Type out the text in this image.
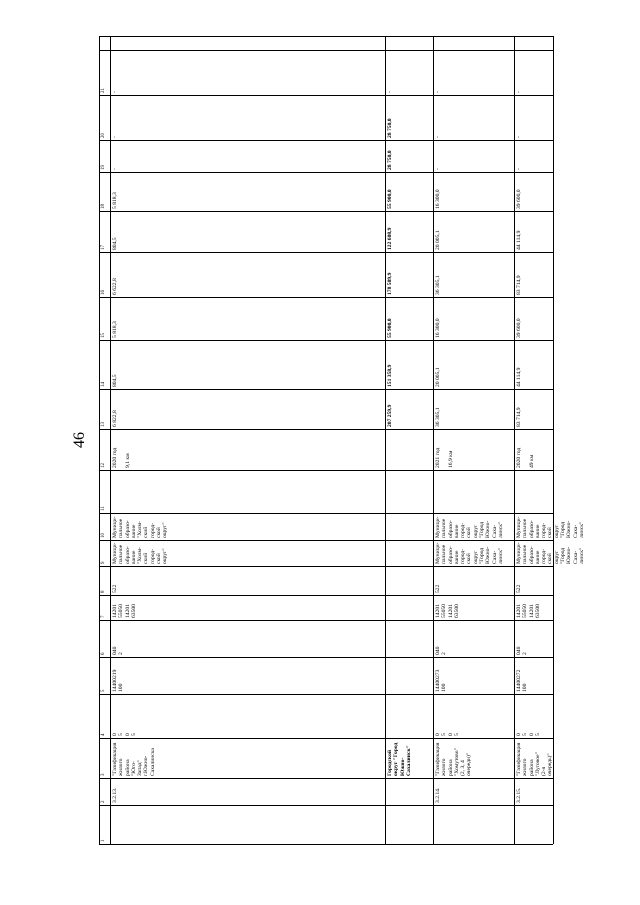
46
1
2
3
4
5
6
7
8
9
10
11
12
13
14
15
16
17
18
19
20
21
3.2.13.
"Газификация
жилого
района
"Юго-
Запад"
г.Южно-
Сахалинска
0
5
0
5
14400219
100
040
2
14201
55050
14201
63500
522
Муници-
пальное
образо-
вание
"Холм-
ский
город-
ской
округ"
Муници-
пальное
образо-
вание
"Холм-
ский
город-
ской
округ"
2020 год

9,1 км
6 822,8
804,5
5 818,3
6 622,8
804,5
5 818,3
-
-
-
Городской
округ "Город
Южно-
Сахалинск"
207 259,9
151 358,9
55 900,0
178 509,9
122 608,9
55 900,0
28 750,0
28 750,0
-
3.2.14.
"Газификация
жилого
района
"Хомутово"
(2, 3, 4
очереди)"
0
5
0
5
14400273
100
040
2
14201
55050
14201
63500
522
Муници-
пальное
образо-
вание
город-
ской
округ
"Город
Южно-
Саха-
линск"
Муници-
пальное
образо-
вание
город-
ской
округ
"Город
Южно-
Саха-
линск"
2021 год

16,9 км
36 305,1
20 005,1
16 300,0
36 305,1
20 005,1
16 300,0
-
-
-
3.2.15.
"Газификация
жилого
района
"Луговое"
(2-я
очередь)"
0
5
0
5
14400272
100
040
2
14201
55050
14201
63500
522
Муници-
пальное
образо-
вание
город-
ской
округ
"Город
Южно-
Саха-
линск"
Муници-
пальное
образо-
вание
город-
ской
округ
"Город
Южно-
Саха-
линск"
2020 год

49 км
83 714,9
44 114,9
39 600,0
83 714,9
44 114,9
39 600,0
-
-
-
